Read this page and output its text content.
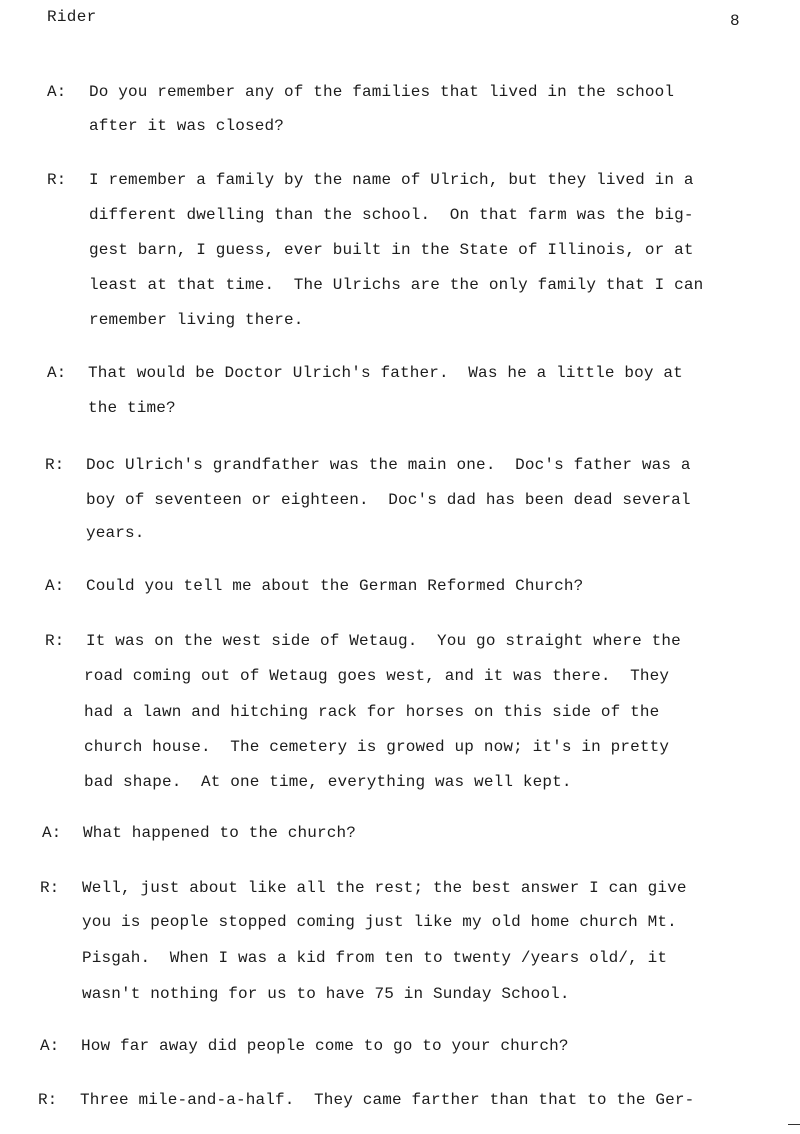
Rider	8
A: Do you remember any of the families that lived in the school
after it was closed?
R: I remember a family by the name of Ulrich, but they lived in a
different dwelling than the school.  On that farm was the big-
gest barn, I guess, ever built in the State of Illinois, or at
least at that time.  The Ulrichs are the only family that I can
remember living there.
A: That would be Doctor Ulrich's father.  Was he a little boy at
the time?
R: Doc Ulrich's grandfather was the main one.  Doc's father was a
boy of seventeen or eighteen.  Doc's dad has been dead several
years.
A: Could you tell me about the German Reformed Church?
R: It was on the west side of Wetaug.  You go straight where the
road coming out of Wetaug goes west, and it was there.  They
had a lawn and hitching rack for horses on this side of the
church house.  The cemetery is growed up now; it's in pretty
bad shape.  At one time, everything was well kept.
A: What happened to the church?
R: Well, just about like all the rest; the best answer I can give
you is people stopped coming just like my old home church Mt.
Pisgah.  When I was a kid from ten to twenty /years old/, it
wasn't nothing for us to have 75 in Sunday School.
A: How far away did people come to go to your church?
R: Three mile-and-a-half.  They came farther than that to the Ger-
